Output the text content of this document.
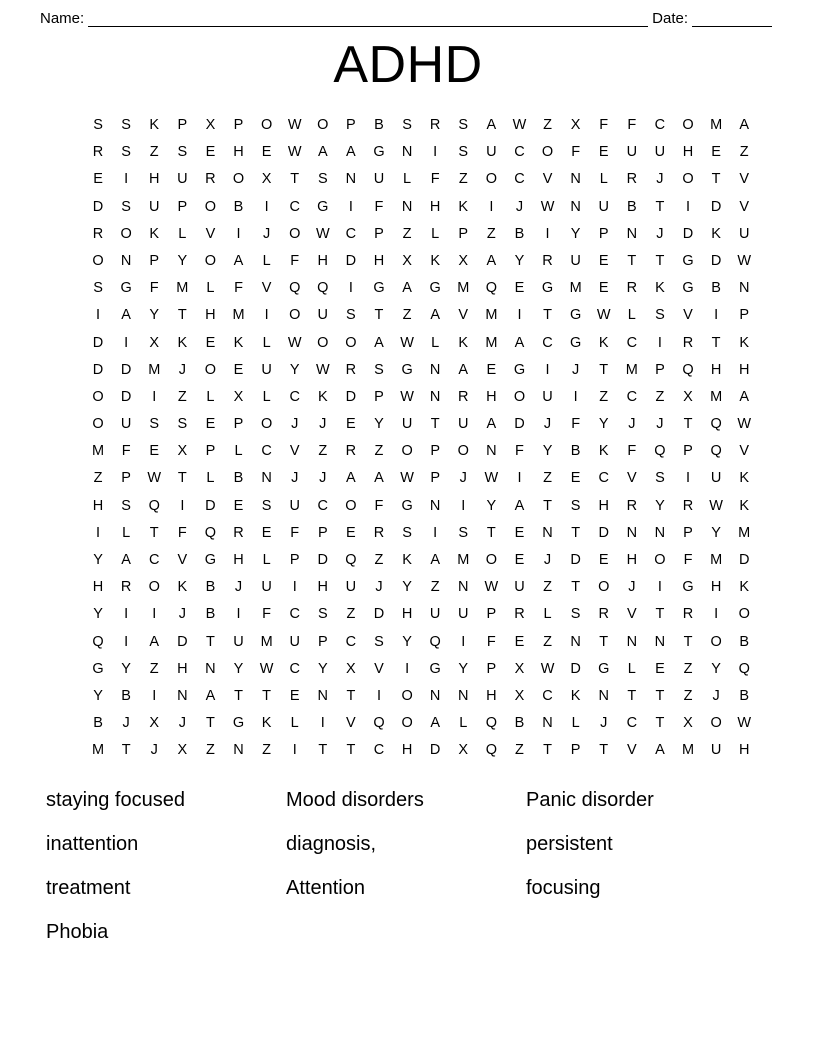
Name:	Date:
ADHD
S	S	K	P	X	P	O	W	O	P	B	S	R	S	A	W	Z	X	F	F	C	O	M	A
R	S	Z	S	E	H	E	W	A	A	G	N	I	S	U	C	O	F	E	U	U	H	E	Z
E	I	H	U	R	O	X	T	S	N	U	L	F	Z	O	C	V	N	L	R	J	O	T	V
D	S	U	P	O	B	I	C	G	I	F	N	H	K	I	J	W	N	U	B	T	I	D	V
R	O	K	L	V	I	J	O	W	C	P	Z	L	P	Z	B	I	Y	P	N	J	D	K	U
O	N	P	Y	O	A	L	F	H	D	H	X	K	X	A	Y	R	U	E	T	T	G	D	W
S	G	F	M	L	F	V	Q	Q	I	G	A	G	M	Q	E	G	M	E	R	K	G	B	N
I	A	Y	T	H	M	I	O	U	S	T	Z	A	V	M	I	T	G	W	L	S	V	I	P
D	I	X	K	E	K	L	W	O	O	A	W	L	K	M	A	C	G	K	C	I	R	T	K
D	D	M	J	O	E	U	Y	W	R	S	G	N	A	E	G	I	J	T	M	P	Q	H	H
O	D	I	Z	L	X	L	C	K	D	P	W	N	R	H	O	U	I	Z	C	Z	X	M	A
O	U	S	S	E	P	O	J	J	E	Y	U	T	U	A	D	J	F	Y	J	J	T	Q	W
M	F	E	X	P	L	C	V	Z	R	Z	O	P	O	N	F	Y	B	K	F	Q	P	Q	V
Z	P	W	T	L	B	N	J	J	A	A	W	P	J	W	I	Z	E	C	V	S	I	U	K
H	S	Q	I	D	E	S	U	C	O	F	G	N	I	Y	A	T	S	H	R	Y	R	W	K
I	L	T	F	Q	R	E	F	P	E	R	S	I	S	T	E	N	T	D	N	N	P	Y	M
Y	A	C	V	G	H	L	P	D	Q	Z	K	A	M	O	E	J	D	E	H	O	F	M	D
H	R	O	K	B	J	U	I	H	U	J	Y	Z	N	W	U	Z	T	O	J	I	G	H	K
Y	I	I	J	B	I	F	C	S	Z	D	H	U	U	P	R	L	S	R	V	T	R	I	O
Q	I	A	D	T	U	M	U	P	C	S	Y	Q	I	F	E	Z	N	T	N	N	T	O	B
G	Y	Z	H	N	Y	W	C	Y	X	V	I	G	Y	P	X	W	D	G	L	E	Z	Y	Q
Y	B	I	N	A	T	T	E	N	T	I	O	N	N	H	X	C	K	N	T	T	Z	J	B
B	J	X	J	T	G	K	L	I	V	Q	O	A	L	Q	B	N	L	J	C	T	X	O	W
M	T	J	X	Z	N	Z	I	T	T	C	H	D	X	Q	Z	T	P	T	V	A	M	U	H
staying focused
inattention
treatment
Phobia
Mood disorders
diagnosis,
Attention
Panic disorder
persistent
focusing
